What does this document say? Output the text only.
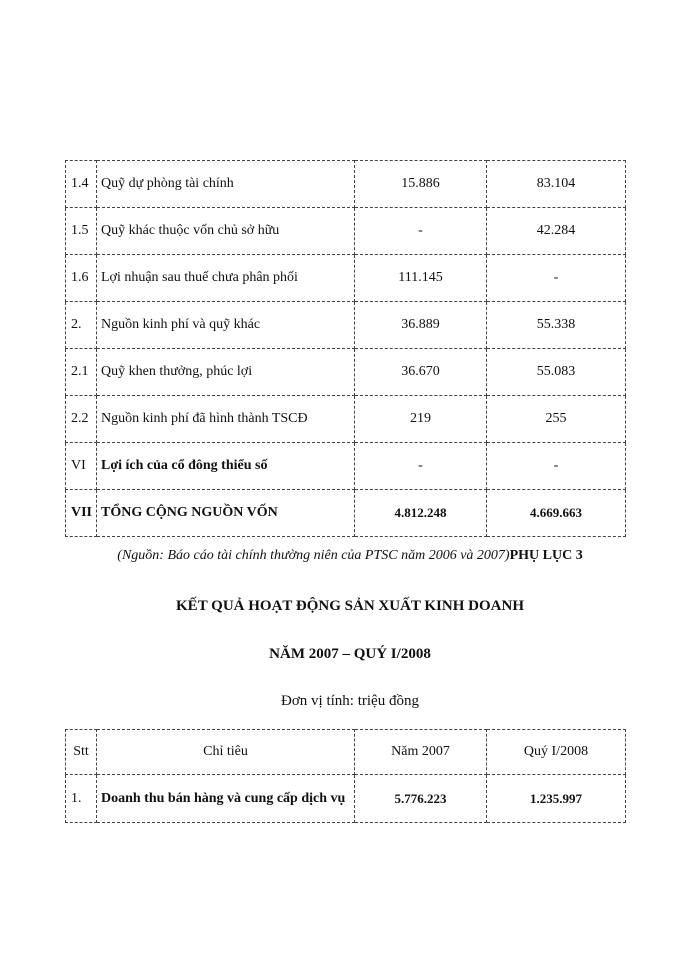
1.4	Quỹ dự phòng tài chính	15.886	83.104
1.5	Quỹ khác thuộc vốn chủ sở hữu	-	42.284
1.6	Lợi nhuận sau thuế chưa phân phối	111.145	-
2.	Nguồn kinh phí và quỹ khác	36.889	55.338
2.1	Quỹ khen thưởng, phúc lợi	36.670	55.083
2.2	Nguồn kinh phí đã hình thành TSCĐ	219	255
VI	Lợi ích của cổ đông thiểu số	-	-
VII	TỔNG CỘNG NGUỒN VỐN	4.812.248	4.669.663
(Nguồn: Báo cáo tài chính thường niên của PTSC năm 2006 và 2007)PHỤ LỤC 3
KẾT QUẢ HOẠT ĐỘNG SẢN XUẤT KINH DOANH
NĂM 2007 – QUÝ I/2008
Đơn vị tính: triệu đồng
Stt	Chỉ tiêu	Năm 2007	Quý I/2008
1.	Doanh thu bán hàng và cung cấp dịch vụ	5.776.223	1.235.997
